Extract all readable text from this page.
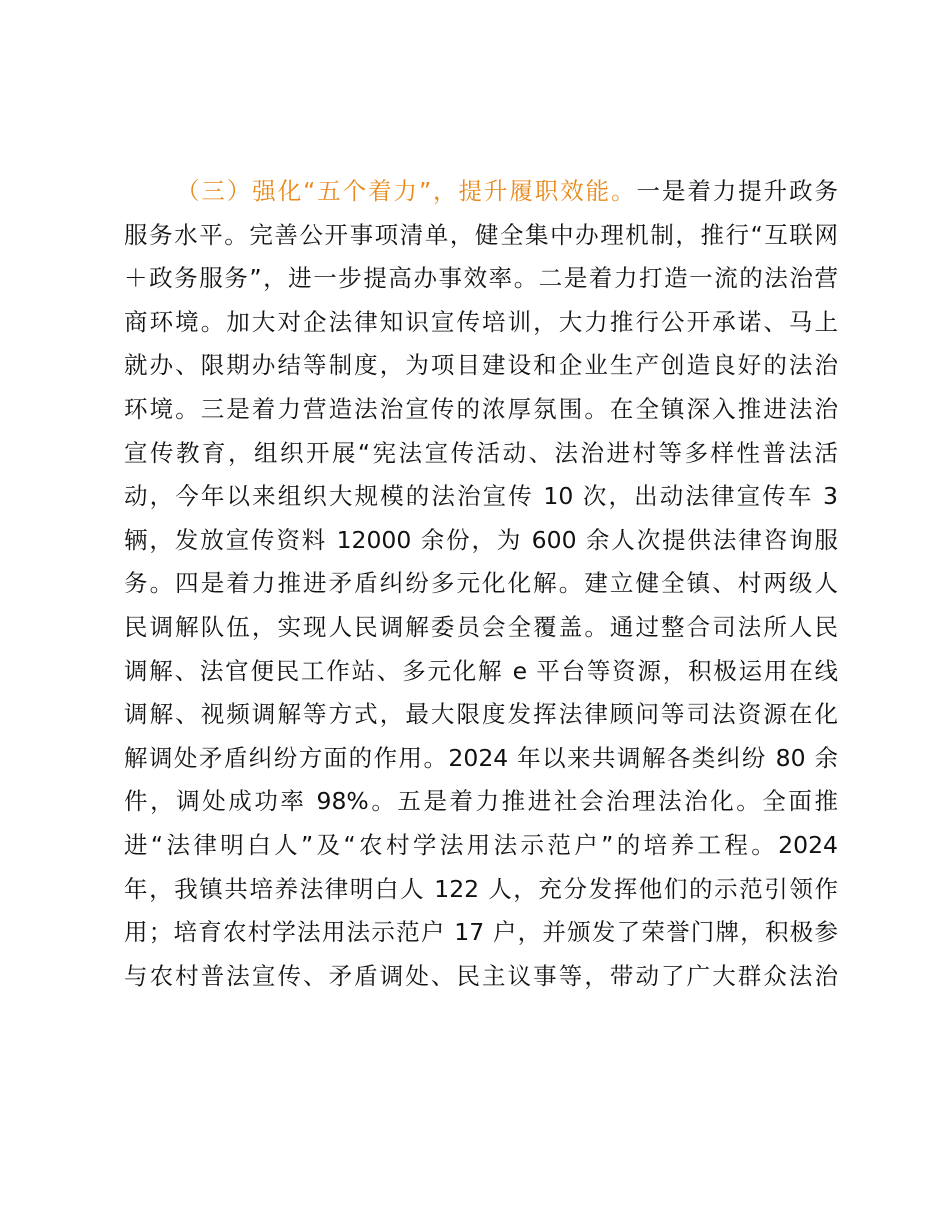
（三）强化“五个着力”，提升履职效能。一是着力提升政务
服务水平。完善公开事项清单，健全集中办理机制，推行“互联网
＋政务服务”，进一步提高办事效率。二是着力打造一流的法治营
商环境。加大对企法律知识宣传培训，大力推行公开承诺、马上
就办、限期办结等制度，为项目建设和企业生产创造良好的法治
环境。三是着力营造法治宣传的浓厚氛围。在全镇深入推进法治
宣传教育，组织开展“宪法宣传活动、法治进村等多样性普法活
动，今年以来组织大规模的法治宣传 10 次，出动法律宣传车 3
辆，发放宣传资料 12000 余份，为 600 余人次提供法律咨询服
务。四是着力推进矛盾纠纷多元化化解。建立健全镇、村两级人
民调解队伍，实现人民调解委员会全覆盖。通过整合司法所人民
调解、法官便民工作站、多元化解 e 平台等资源，积极运用在线
调解、视频调解等方式，最大限度发挥法律顾问等司法资源在化
解调处矛盾纠纷方面的作用。2024 年以来共调解各类纠纷 80 余
件，调处成功率 98%。五是着力推进社会治理法治化。全面推
进“法律明白人”及“农村学法用法示范户”的培养工程。2024
年，我镇共培养法律明白人 122 人，充分发挥他们的示范引领作
用；培育农村学法用法示范户 17 户，并颁发了荣誉门牌，积极参
与农村普法宣传、矛盾调处、民主议事等，带动了广大群众法治
